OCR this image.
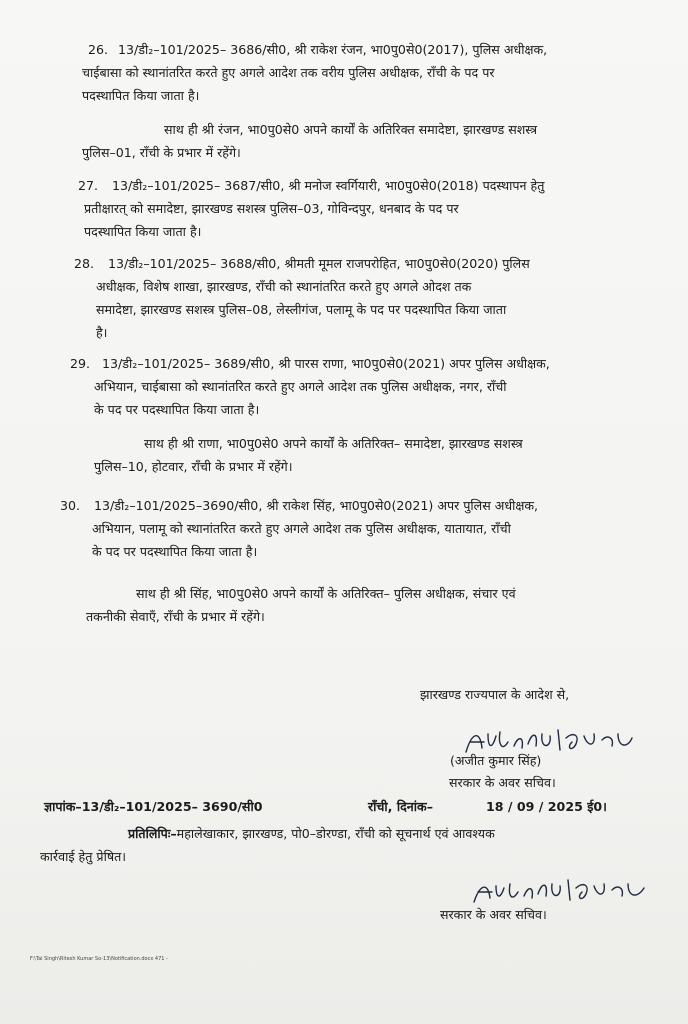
26. 13/डी₂–101/2025– 3686/सी0, श्री राकेश रंजन, भा0पु0से0(2017), पुलिस अधीक्षक,
चाईबासा को स्थानांतरित करते हुए अगले आदेश तक वरीय पुलिस अधीक्षक, राँची के पद पर
पदस्थापित किया जाता है।
साथ ही श्री रंजन, भा0पु0से0 अपने कार्यों के अतिरिक्त समादेष्टा, झारखण्ड सशस्त्र
पुलिस–01, राँची के प्रभार में रहेंगे।
27. 13/डी₂–101/2025– 3687/सी0, श्री मनोज स्वर्गियारी, भा0पु0से0(2018) पदस्थापन हेतु
प्रतीक्षारत् को समादेष्टा, झारखण्ड सशस्त्र पुलिस–03, गोविन्दपुर, धनबाद के पद पर
पदस्थापित किया जाता है।
28. 13/डी₂–101/2025– 3688/सी0, श्रीमती मूमल राजपरोहित, भा0पु0से0(2020) पुलिस
अधीक्षक, विशेष शाखा, झारखण्ड, राँची को स्थानांतरित करते हुए अगले ओदश तक
समादेष्टा, झारखण्ड सशस्त्र पुलिस–08, लेस्लीगंज, पलामू के पद पर पदस्थापित किया जाता
है।
29. 13/डी₂–101/2025– 3689/सी0, श्री पारस राणा, भा0पु0से0(2021) अपर पुलिस अधीक्षक,
अभियान, चाईबासा को स्थानांतरित करते हुए अगले आदेश तक पुलिस अधीक्षक, नगर, राँची
के पद पर पदस्थापित किया जाता है।
साथ ही श्री राणा, भा0पु0से0 अपने कार्यों के अतिरिक्त– समादेष्टा, झारखण्ड सशस्त्र
पुलिस–10, होटवार, राँची के प्रभार में रहेंगे।
30. 13/डी₂–101/2025–3690/सी0, श्री राकेश सिंह, भा0पु0से0(2021) अपर पुलिस अधीक्षक,
अभियान, पलामू को स्थानांतरित करते हुए अगले आदेश तक पुलिस अधीक्षक, यातायात, राँची
के पद पर पदस्थापित किया जाता है।
साथ ही श्री सिंह, भा0पु0से0 अपने कार्यों के अतिरिक्त– पुलिस अधीक्षक, संचार एवं
तकनीकी सेवाएँ, राँची के प्रभार में रहेंगे।
झारखण्ड राज्यपाल के आदेश से,
(अजीत कुमार सिंह)
सरकार के अवर सचिव।
ज्ञापांक–13/डी₂–101/2025– 3690/सी0	राँची, दिनांक–	18 / 09 / 2025 ई0।
प्रतिलिपिः–महालेखाकार, झारखण्ड, पो0–डोरण्डा, राँची को सूचनार्थ एवं आवश्यक
कार्रवाई हेतु प्रेषित।
सरकार के अवर सचिव।
F:\Tai Singh\Ritesh Kumar So-13\Notification.docx 471 -
